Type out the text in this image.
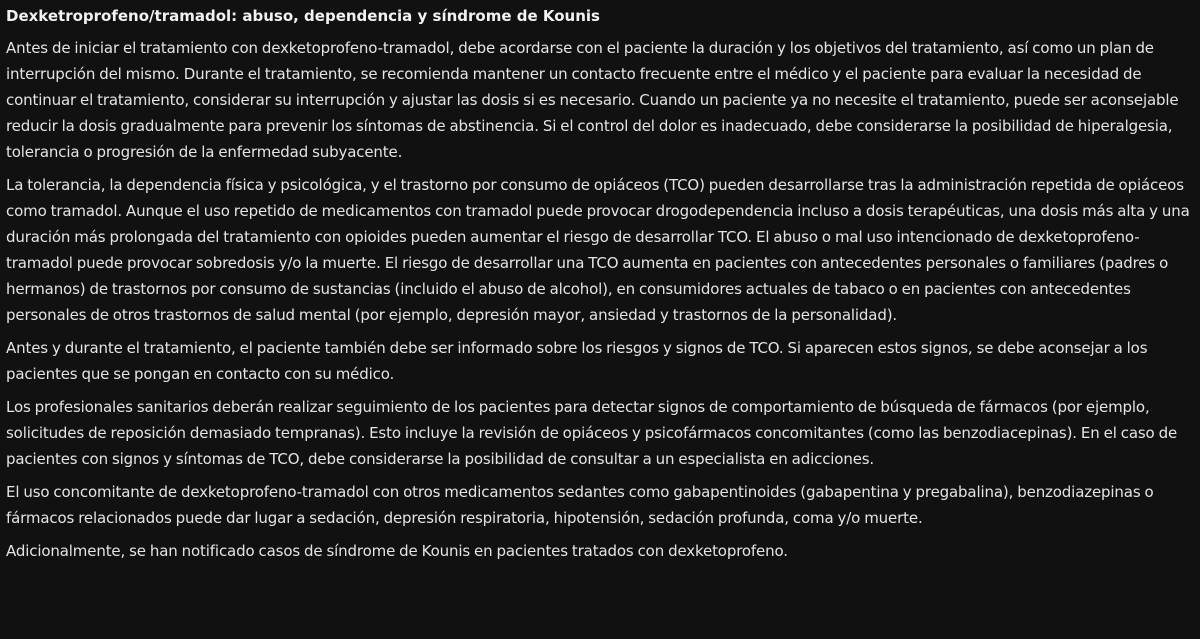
Dexketroprofeno/tramadol: abuso, dependencia y síndrome de Kounis

Antes de iniciar el tratamiento con dexketoprofeno-tramadol, debe acordarse con el paciente la duración y los objetivos del tratamiento, así como un plan de interrupción del mismo. Durante el tratamiento, se recomienda mantener un contacto frecuente entre el médico y el paciente para evaluar la necesidad de continuar el tratamiento, considerar su interrupción y ajustar las dosis si es necesario. Cuando un paciente ya no necesite el tratamiento, puede ser aconsejable reducir la dosis gradualmente para prevenir los síntomas de abstinencia. Si el control del dolor es inadecuado, debe considerarse la posibilidad de hiperalgesia, tolerancia o progresión de la enfermedad subyacente.

La tolerancia, la dependencia física y psicológica, y el trastorno por consumo de opiáceos (TCO) pueden desarrollarse tras la administración repetida de opiáceos como tramadol. Aunque el uso repetido de medicamentos con tramadol puede provocar drogodependencia incluso a dosis terapéuticas, una dosis más alta y una duración más prolongada del tratamiento con opioides pueden aumentar el riesgo de desarrollar TCO. El abuso o mal uso intencionado de dexketoprofeno-tramadol puede provocar sobredosis y/o la muerte. El riesgo de desarrollar una TCO aumenta en pacientes con antecedentes personales o familiares (padres o hermanos) de trastornos por consumo de sustancias (incluido el abuso de alcohol), en consumidores actuales de tabaco o en pacientes con antecedentes personales de otros trastornos de salud mental (por ejemplo, depresión mayor, ansiedad y trastornos de la personalidad).

Antes y durante el tratamiento, el paciente también debe ser informado sobre los riesgos y signos de TCO. Si aparecen estos signos, se debe aconsejar a los pacientes que se pongan en contacto con su médico.

Los profesionales sanitarios deberán realizar seguimiento de los pacientes para detectar signos de comportamiento de búsqueda de fármacos (por ejemplo, solicitudes de reposición demasiado tempranas). Esto incluye la revisión de opiáceos y psicofármacos concomitantes (como las benzodiacepinas). En el caso de pacientes con signos y síntomas de TCO, debe considerarse la posibilidad de consultar a un especialista en adicciones.

El uso concomitante de dexketoprofeno-tramadol con otros medicamentos sedantes como gabapentinoides (gabapentina y pregabalina), benzodiazepinas o fármacos relacionados puede dar lugar a sedación, depresión respiratoria, hipotensión, sedación profunda, coma y/o muerte.

Adicionalmente, se han notificado casos de síndrome de Kounis en pacientes tratados con dexketoprofeno.
